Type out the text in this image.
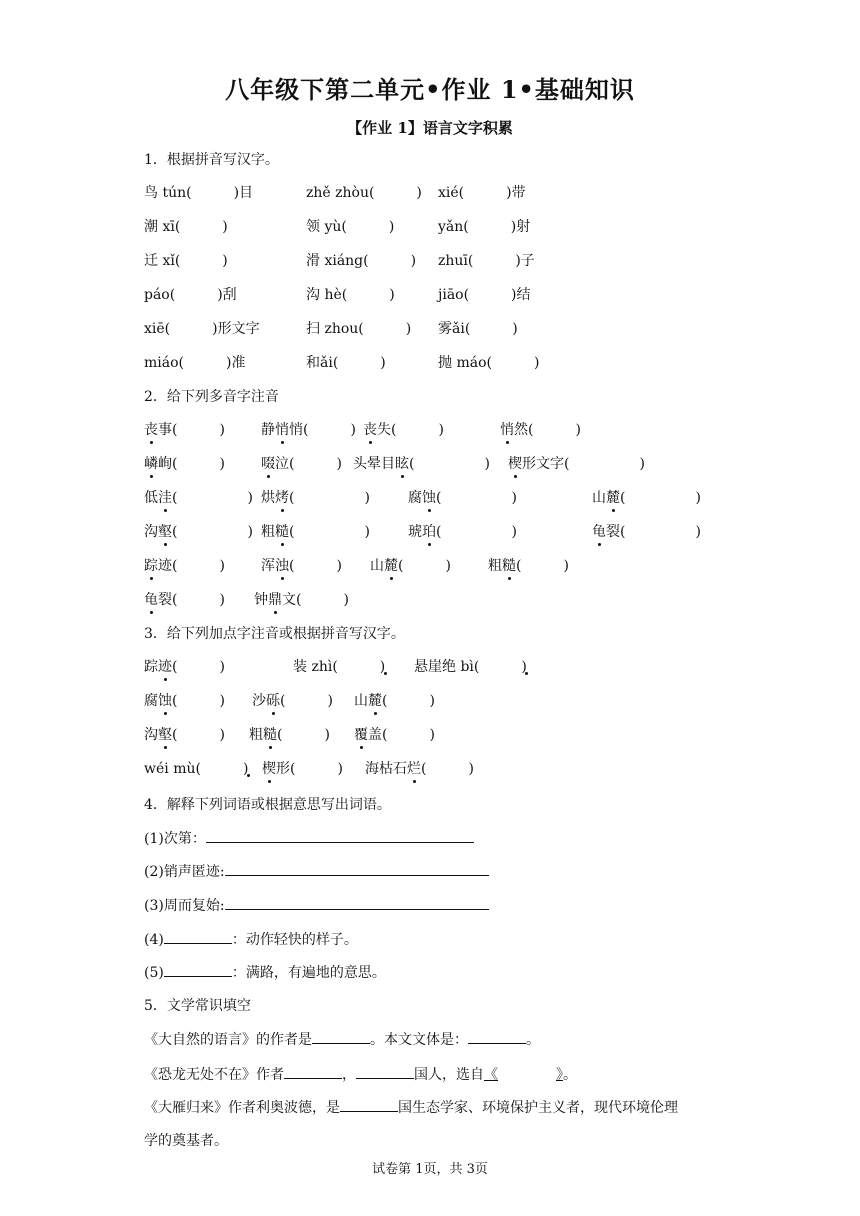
八年级下第二单元•作业 1•基础知识
【作业 1】语言文字积累
1．根据拼音写汉字。
鸟 tún(　　　)目	zhě zhòu(　　　) xié(　　　)带
潮 xī(　　　)	领 yù(　　　)	yǎn(　　　)射
迁 xǐ(　　　)	滑 xiáng(　　　) zhuī(　　　)子
páo(　　　)刮	沟 hè(　　　)	jiāo(　　　)结
xiē(　　　)形文字	扫 zhou(　　　) 雾ǎi(　　　)
miáo(　　　)准	和ǎi(　　　)	抛 máo(　　　)
2．给下列多音字注音
丧事(　　　)	静悄悄(　　　) 丧失(　　　)	悄然(　　　)
嶙峋(　　　)	啜泣(　　　) 头晕目眩(　　　　　) 楔形文字(　　　　　)
低洼(　　　　　) 烘烤(　　　　　)	腐蚀(　　　　　)	山麓(　　　　　)
沟壑(　　　　　) 粗糙(　　　　　)	琥珀(　　　　　)	龟裂(　　　　　)
踪迹(　　　)	浑浊(　　　) 山麓(　　　)	粗糙(　　　)
龟裂(　　　) 钟鼎文(　　　)
3．给下列加点字注音或根据拼音写汉字。
踪迹(　　　)	装 zhì(　　　) 悬崖绝 bì(　　　)
腐蚀(　　　) 沙砾(　　　) 山麓(　　　)
沟壑(　　　) 粗糙(　　　) 覆盖(　　　)
wéi mù(　　　) 楔形(　　　) 海枯石烂(　　　)
4．解释下列词语或根据意思写出词语。
(1)次第：
(2)销声匿迹:
(3)周而复始:
(4)	：动作轻快的样子。
(5)	：满路，有遍地的意思。
5．文学常识填空
《大自然的语言》的作者是	。本文文体是：	。
《恐龙无处不在》作者	，	国人，选自《	》。
《大雁归来》作者利奥波德，是	国生态学家、环境保护主义者，现代环境伦理
学的奠基者。
试卷第 1页，共 3页
